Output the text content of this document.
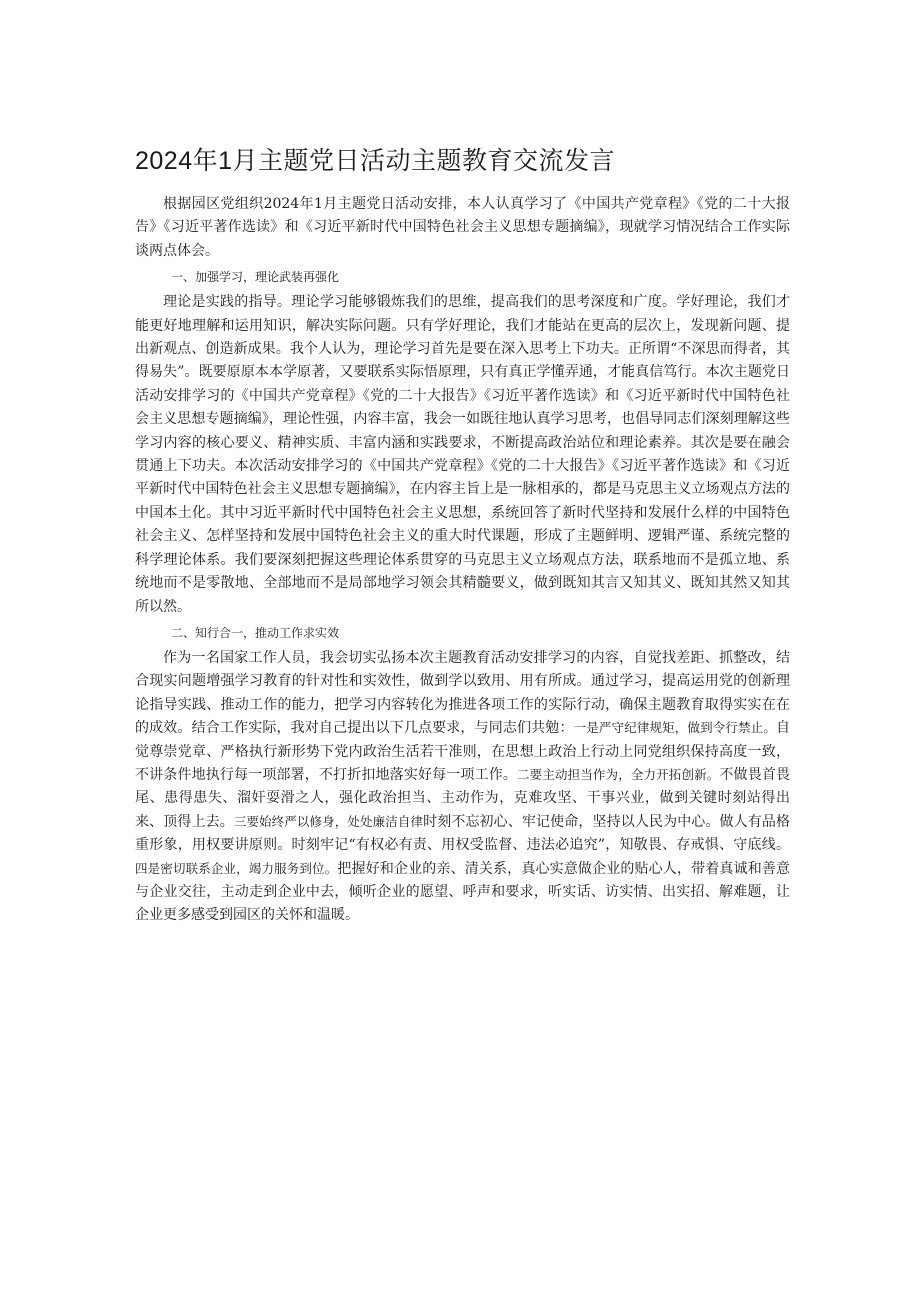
2024年1月主题党日活动主题教育交流发言

根据园区党组织2024年1月主题党日活动安排，本人认真学习了《中国共产党章程》《党的二十大报告》《习近平著作选读》和《习近平新时代中国特色社会主义思想专题摘编》，现就学习情况结合工作实际谈两点体会。

一、加强学习，理论武装再强化

理论是实践的指导。理论学习能够锻炼我们的思维，提高我们的思考深度和广度。学好理论，我们才能更好地理解和运用知识，解决实际问题。只有学好理论，我们才能站在更高的层次上，发现新问题、提出新观点、创造新成果。我个人认为，理论学习首先是要在深入思考上下功夫。正所谓“不深思而得者，其得易失”。既要原原本本学原著，又要联系实际悟原理，只有真正学懂弄通，才能真信笃行。本次主题党日活动安排学习的《中国共产党章程》《党的二十大报告》《习近平著作选读》和《习近平新时代中国特色社会主义思想专题摘编》，理论性强，内容丰富，我会一如既往地认真学习思考，也倡导同志们深刻理解这些学习内容的核心要义、精神实质、丰富内涵和实践要求，不断提高政治站位和理论素养。其次是要在融会贯通上下功夫。本次活动安排学习的《中国共产党章程》《党的二十大报告》《习近平著作选读》和《习近平新时代中国特色社会主义思想专题摘编》，在内容主旨上是一脉相承的，都是马克思主义立场观点方法的中国本土化。其中习近平新时代中国特色社会主义思想，系统回答了新时代坚持和发展什么样的中国特色社会主义、怎样坚持和发展中国特色社会主义的重大时代课题，形成了主题鲜明、逻辑严谨、系统完整的科学理论体系。我们要深刻把握这些理论体系贯穿的马克思主义立场观点方法，联系地而不是孤立地、系统地而不是零散地、全部地而不是局部地学习领会其精髓要义，做到既知其言又知其义、既知其然又知其所以然。

二、知行合一，推动工作求实效

作为一名国家工作人员，我会切实弘扬本次主题教育活动安排学习的内容，自觉找差距、抓整改，结合现实问题增强学习教育的针对性和实效性，做到学以致用、用有所成。通过学习，提高运用党的创新理论指导实践、推动工作的能力，把学习内容转化为推进各项工作的实际行动，确保主题教育取得实实在在的成效。结合工作实际，我对自己提出以下几点要求，与同志们共勉：一是严守纪律规矩，做到令行禁止。自觉尊崇党章、严格执行新形势下党内政治生活若干准则，在思想上政治上行动上同党组织保持高度一致，不讲条件地执行每一项部署，不打折扣地落实好每一项工作。二要主动担当作为，全力开拓创新。不做畏首畏尾、患得患失、溜奸耍滑之人，强化政治担当、主动作为，克难攻坚、干事兴业，做到关键时刻站得出来、顶得上去。三要始终严以修身，处处廉洁自律时刻不忘初心、牢记使命，坚持以人民为中心。做人有品格重形象，用权要讲原则。时刻牢记“有权必有责、用权受监督、违法必追究”，知敬畏、存戒惧、守底线。四是密切联系企业，竭力服务到位。把握好和企业的亲、清关系，真心实意做企业的贴心人，带着真诚和善意与企业交往，主动走到企业中去，倾听企业的愿望、呼声和要求，听实话、访实情、出实招、解难题，让企业更多感受到园区的关怀和温暖。
